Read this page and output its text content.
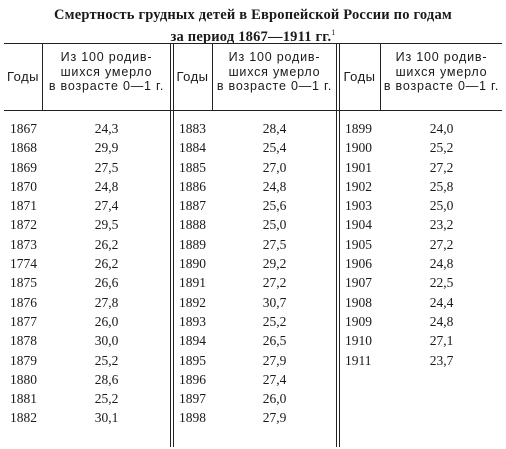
Смертность грудных детей в Европейской России по годам
за период 1867—1911 гг.$^1$
Годы
Из 100 родив-
шихся умерло
в возрасте 0—1 г.
1867	24,3
1868	29,9
1869	27,5
1870	24,8
1871	27,4
1872	29,5
1873	26,2
1774	26,2
1875	26,6
1876	27,8
1877	26,0
1878	30,0
1879	25,2
1880	28,6
1881	25,2
1882	30,1
Годы
Из 100 родив-
шихся умерло
в возрасте 0—1 г.
1883	28,4
1884	25,4
1885	27,0
1886	24,8
1887	25,6
1888	25,0
1889	27,5
1890	29,2
1891	27,2
1892	30,7
1893	25,2
1894	26,5
1895	27,9
1896	27,4
1897	26,0
1898	27,9
Годы
Из 100 родив-
шихся умерло
в возрасте 0—1 г.
1899	24,0
1900	25,2
1901	27,2
1902	25,8
1903	25,0
1904	23,2
1905	27,2
1906	24,8
1907	22,5
1908	24,4
1909	24,8
1910	27,1
1911	23,7
